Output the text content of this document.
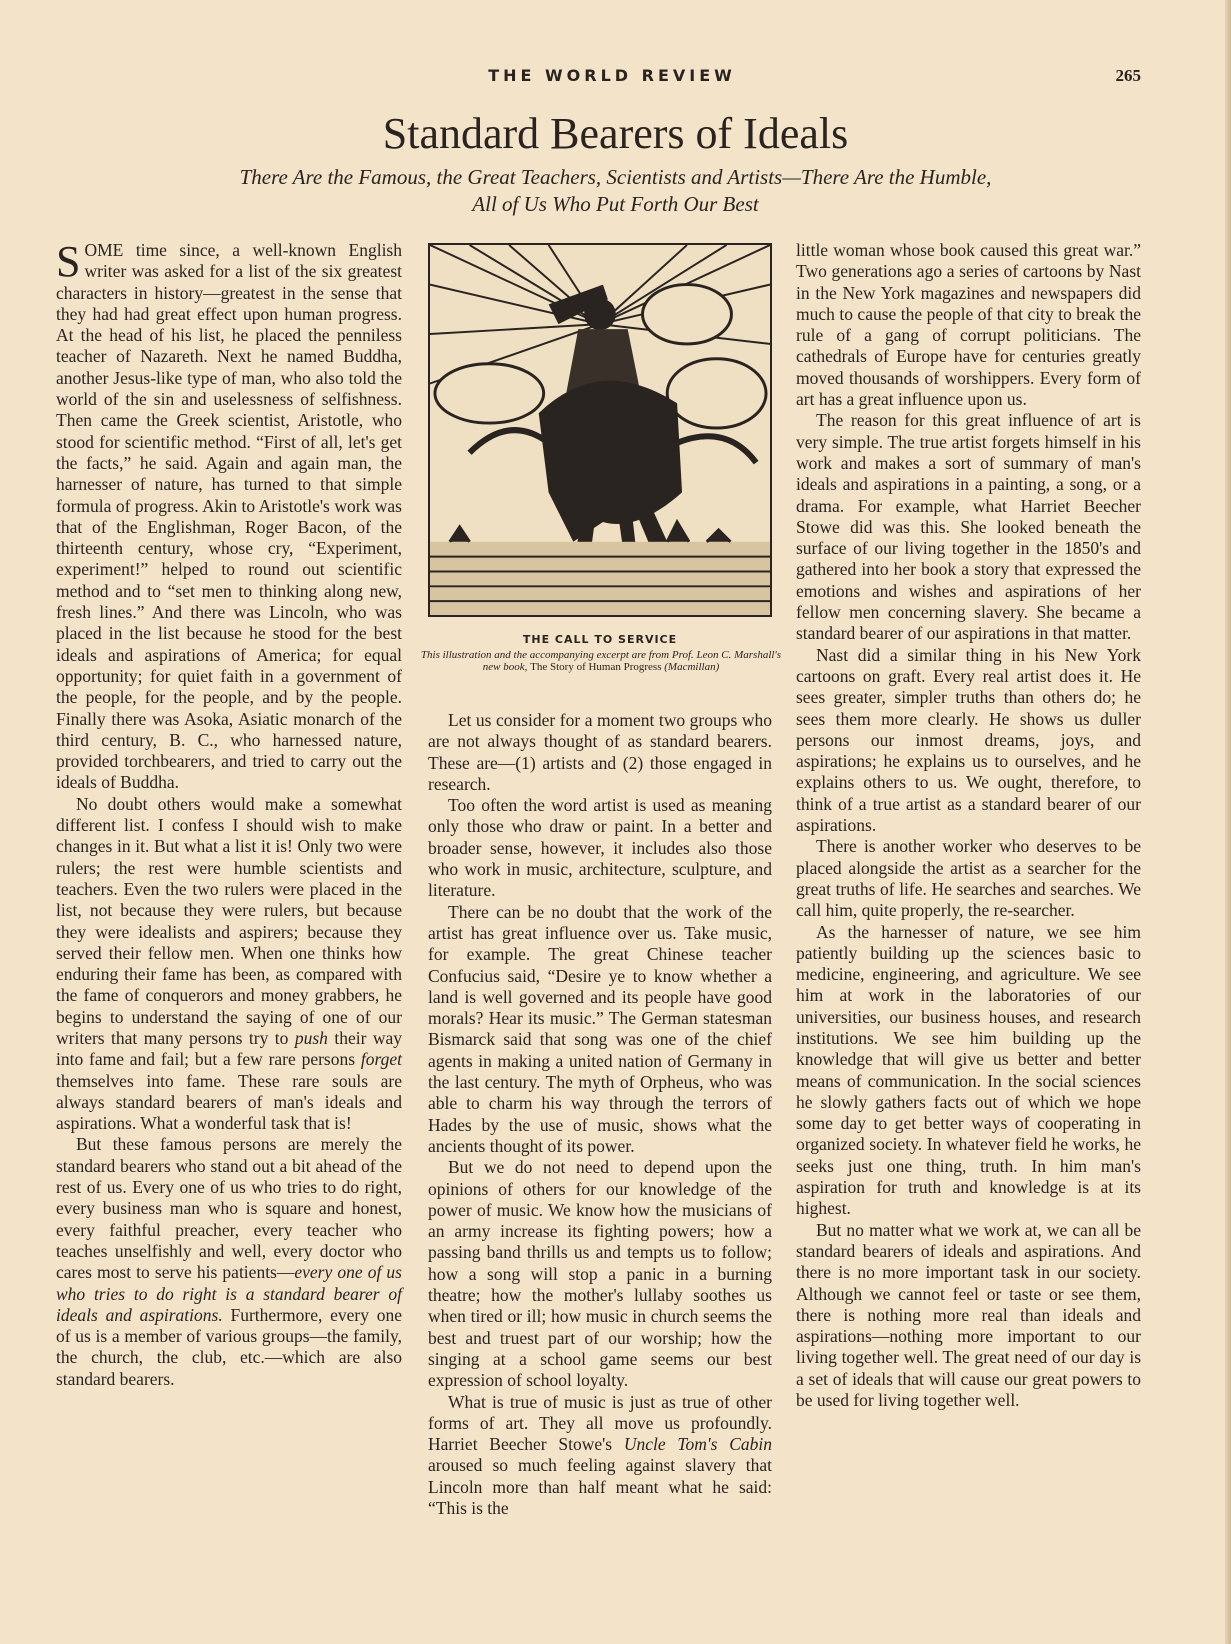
THE WORLD REVIEW	265
Standard Bearers of Ideals
There Are the Famous, the Great Teachers, Scientists and Artists—There Are the Humble,
All of Us Who Put Forth Our Best

SOME time since, a well-known English writer was asked for a list of the six greatest characters in history—greatest in the sense that they had had great effect upon human progress. At the head of his list, he placed the penniless teacher of Nazareth. Next he named Buddha, another Jesus-like type of man, who also told the world of the sin and uselessness of selfishness. Then came the Greek scientist, Aristotle, who stood for scientific method. “First of all, let's get the facts,” he said. Again and again man, the harnesser of nature, has turned to that simple formula of progress. Akin to Aristotle's work was that of the Englishman, Roger Bacon, of the thirteenth century, whose cry, “Experiment, experiment!” helped to round out scientific method and to “set men to thinking along new, fresh lines.” And there was Lincoln, who was placed in the list because he stood for the best ideals and aspirations of America; for equal opportunity; for quiet faith in a government of the people, for the people, and by the people. Finally there was Asoka, Asiatic monarch of the third century, B. C., who harnessed nature, provided torchbearers, and tried to carry out the ideals of Buddha.

No doubt others would make a somewhat different list. I confess I should wish to make changes in it. But what a list it is! Only two were rulers; the rest were humble scientists and teachers. Even the two rulers were placed in the list, not because they were rulers, but because they were idealists and aspirers; because they served their fellow men. When one thinks how enduring their fame has been, as compared with the fame of conquerors and money grabbers, he begins to understand the saying of one of our writers that many persons try to push their way into fame and fail; but a few rare persons forget themselves into fame. These rare souls are always standard bearers of man's ideals and aspirations. What a wonderful task that is!

But these famous persons are merely the standard bearers who stand out a bit ahead of the rest of us. Every one of us who tries to do right, every business man who is square and honest, every faithful preacher, every teacher who teaches unselfishly and well, every doctor who cares most to serve his patients—every one of us who tries to do right is a standard bearer of ideals and aspirations. Furthermore, every one of us is a member of various groups—the family, the church, the club, etc.—which are also standard bearers.

THE CALL TO SERVICE
This illustration and the accompanying excerpt are from Prof. Leon C. Marshall's new book, The Story of Human Progress (Macmillan)

Let us consider for a moment two groups who are not always thought of as standard bearers. These are—(1) artists and (2) those engaged in research.

Too often the word artist is used as meaning only those who draw or paint. In a better and broader sense, however, it includes also those who work in music, architecture, sculpture, and literature.

There can be no doubt that the work of the artist has great influence over us. Take music, for example. The great Chinese teacher Confucius said, “Desire ye to know whether a land is well governed and its people have good morals? Hear its music.” The German statesman Bismarck said that song was one of the chief agents in making a united nation of Germany in the last century. The myth of Orpheus, who was able to charm his way through the terrors of Hades by the use of music, shows what the ancients thought of its power.

But we do not need to depend upon the opinions of others for our knowledge of the power of music. We know how the musicians of an army increase its fighting powers; how a passing band thrills us and tempts us to follow; how a song will stop a panic in a burning theatre; how the mother's lullaby soothes us when tired or ill; how music in church seems the best and truest part of our worship; how the singing at a school game seems our best expression of school loyalty.

What is true of music is just as true of other forms of art. They all move us profoundly. Harriet Beecher Stowe's Uncle Tom's Cabin aroused so much feeling against slavery that Lincoln more than half meant what he said: “This is the

little woman whose book caused this great war.” Two generations ago a series of cartoons by Nast in the New York magazines and newspapers did much to cause the people of that city to break the rule of a gang of corrupt politicians. The cathedrals of Europe have for centuries greatly moved thousands of worshippers. Every form of art has a great influence upon us.

The reason for this great influence of art is very simple. The true artist forgets himself in his work and makes a sort of summary of man's ideals and aspirations in a painting, a song, or a drama. For example, what Harriet Beecher Stowe did was this. She looked beneath the surface of our living together in the 1850's and gathered into her book a story that expressed the emotions and wishes and aspirations of her fellow men concerning slavery. She became a standard bearer of our aspirations in that matter.

Nast did a similar thing in his New York cartoons on graft. Every real artist does it. He sees greater, simpler truths than others do; he sees them more clearly. He shows us duller persons our inmost dreams, joys, and aspirations; he explains us to ourselves, and he explains others to us. We ought, therefore, to think of a true artist as a standard bearer of our aspirations.

There is another worker who deserves to be placed alongside the artist as a searcher for the great truths of life. He searches and searches. We call him, quite properly, the re-searcher.

As the harnesser of nature, we see him patiently building up the sciences basic to medicine, engineering, and agriculture. We see him at work in the laboratories of our universities, our business houses, and research institutions. We see him building up the knowledge that will give us better and better means of communication. In the social sciences he slowly gathers facts out of which we hope some day to get better ways of cooperating in organized society. In whatever field he works, he seeks just one thing, truth. In him man's aspiration for truth and knowledge is at its highest.

But no matter what we work at, we can all be standard bearers of ideals and aspirations. And there is no more important task in our society. Although we cannot feel or taste or see them, there is nothing more real than ideals and aspirations—nothing more important to our living together well. The great need of our day is a set of ideals that will cause our great powers to be used for living together well.
